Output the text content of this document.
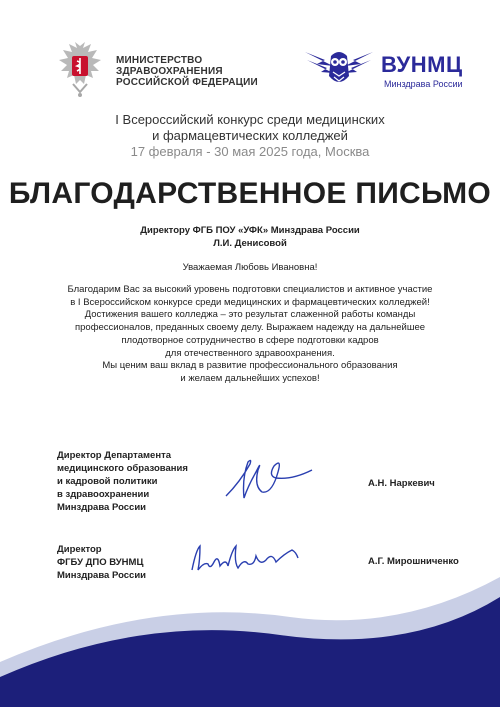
МИНИСТЕРСТВО
ЗДРАВООХРАНЕНИЯ
РОССИЙСКОЙ ФЕДЕРАЦИИ
ВУНМЦ
Минздрава России
I Всероссийский конкурс среди медицинских
и фармацевтических колледжей
17 февраля - 30 мая 2025 года, Москва
БЛАГОДАРСТВЕННОЕ ПИСЬМО
Директору ФГБ ПОУ «УФК» Минздрава России
Л.И. Денисовой
Уважаемая Любовь Ивановна!
Благодарим Вас за высокий уровень подготовки специалистов и активное участие
в I Всероссийском конкурсе среди медицинских и фармацевтических колледжей!
Достижения вашего колледжа – это результат слаженной работы команды
профессионалов, преданных своему делу. Выражаем надежду на дальнейшее
плодотворное сотрудничество в сфере подготовки кадров
для отечественного здравоохранения.
Мы ценим ваш вклад в развитие профессионального образования
и желаем дальнейших успехов!
Директор Департамента
медицинского образования
и кадровой политики
в здравоохранении
Минздрава России
А.Н. Наркевич
Директор
ФГБУ ДПО ВУНМЦ
Минздрава России
А.Г. Мирошниченко
